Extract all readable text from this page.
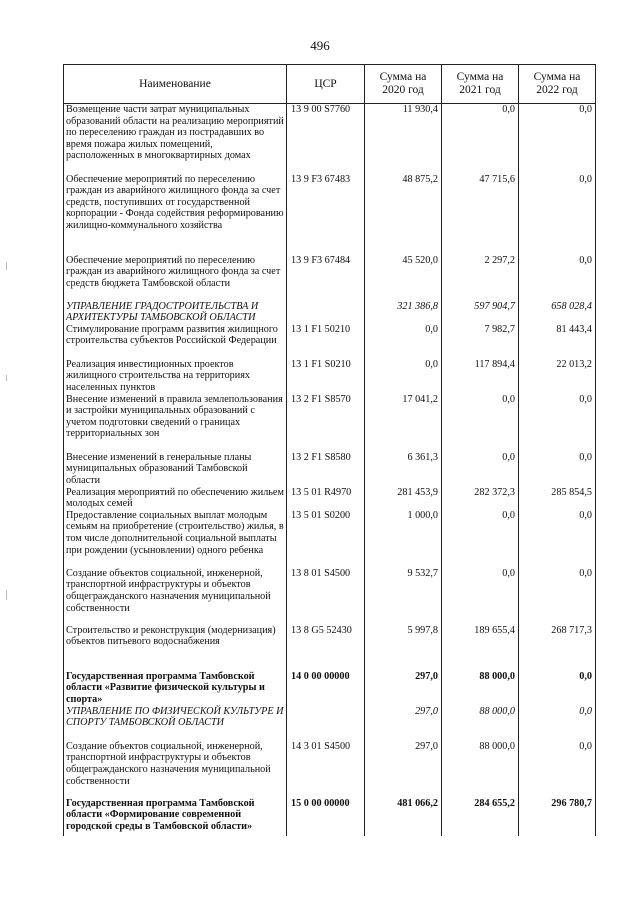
496
Наименование	ЦСР	Сумма на 2020 год	Сумма на 2021 год	Сумма на 2022 год
Возмещение части затрат муниципальных образований области на реализацию мероприятий по переселению граждан из пострадавших во время пожара жилых помещений, расположенных в многоквартирных домах	13 9 00 S7760	11 930,4	0,0	0,0
Обеспечение мероприятий по переселению граждан из аварийного жилищного фонда за счет средств, поступивших от государственной корпорации - Фонда содействия реформированию жилищно-коммунального хозяйства	13 9 F3 67483	48 875,2	47 715,6	0,0
Обеспечение мероприятий по переселению граждан из аварийного жилищного фонда за счет средств бюджета Тамбовской области	13 9 F3 67484	45 520,0	2 297,2	0,0
УПРАВЛЕНИЕ ГРАДОСТРОИТЕЛЬСТВА И АРХИТЕКТУРЫ ТАМБОВСКОЙ ОБЛАСТИ		321 386,8	597 904,7	658 028,4
Стимулирование программ развития жилищного строительства субъектов Российской Федерации	13 1 F1 50210	0,0	7 982,7	81 443,4
Реализация инвестиционных проектов жилищного строительства на территориях населенных пунктов	13 1 F1 S0210	0,0	117 894,4	22 013,2
Внесение изменений в правила землепользования и застройки муниципальных образований с учетом подготовки сведений о границах территориальных зон	13 2 F1 S8570	17 041,2	0,0	0,0
Внесение изменений в генеральные планы муниципальных образований Тамбовской области	13 2 F1 S8580	6 361,3	0,0	0,0
Реализация мероприятий по обеспечению жильем молодых семей	13 5 01 R4970	281 453,9	282 372,3	285 854,5
Предоставление социальных выплат молодым семьям на приобретение (строительство) жилья, в том числе дополнительной социальной выплаты при рождении (усыновлении) одного ребенка	13 5 01 S0200	1 000,0	0,0	0,0
Создание объектов социальной, инженерной, транспортной инфраструктуры и объектов общегражданского назначения муниципальной собственности	13 8 01 S4500	9 532,7	0,0	0,0
Строительство и реконструкция (модернизация) объектов питьевого водоснабжения	13 8 G5 52430	5 997,8	189 655,4	268 717,3
Государственная программа Тамбовской области «Развитие физической культуры и спорта»	14 0 00 00000	297,0	88 000,0	0,0
УПРАВЛЕНИЕ ПО ФИЗИЧЕСКОЙ КУЛЬТУРЕ И СПОРТУ ТАМБОВСКОЙ ОБЛАСТИ		297,0	88 000,0	0,0
Создание объектов социальной, инженерной, транспортной инфраструктуры и объектов общегражданского назначения муниципальной собственности	14 3 01 S4500	297,0	88 000,0	0,0
Государственная программа Тамбовской области «Формирование современной городской среды в Тамбовской области»	15 0 00 00000	481 066,2	284 655,2	296 780,7
